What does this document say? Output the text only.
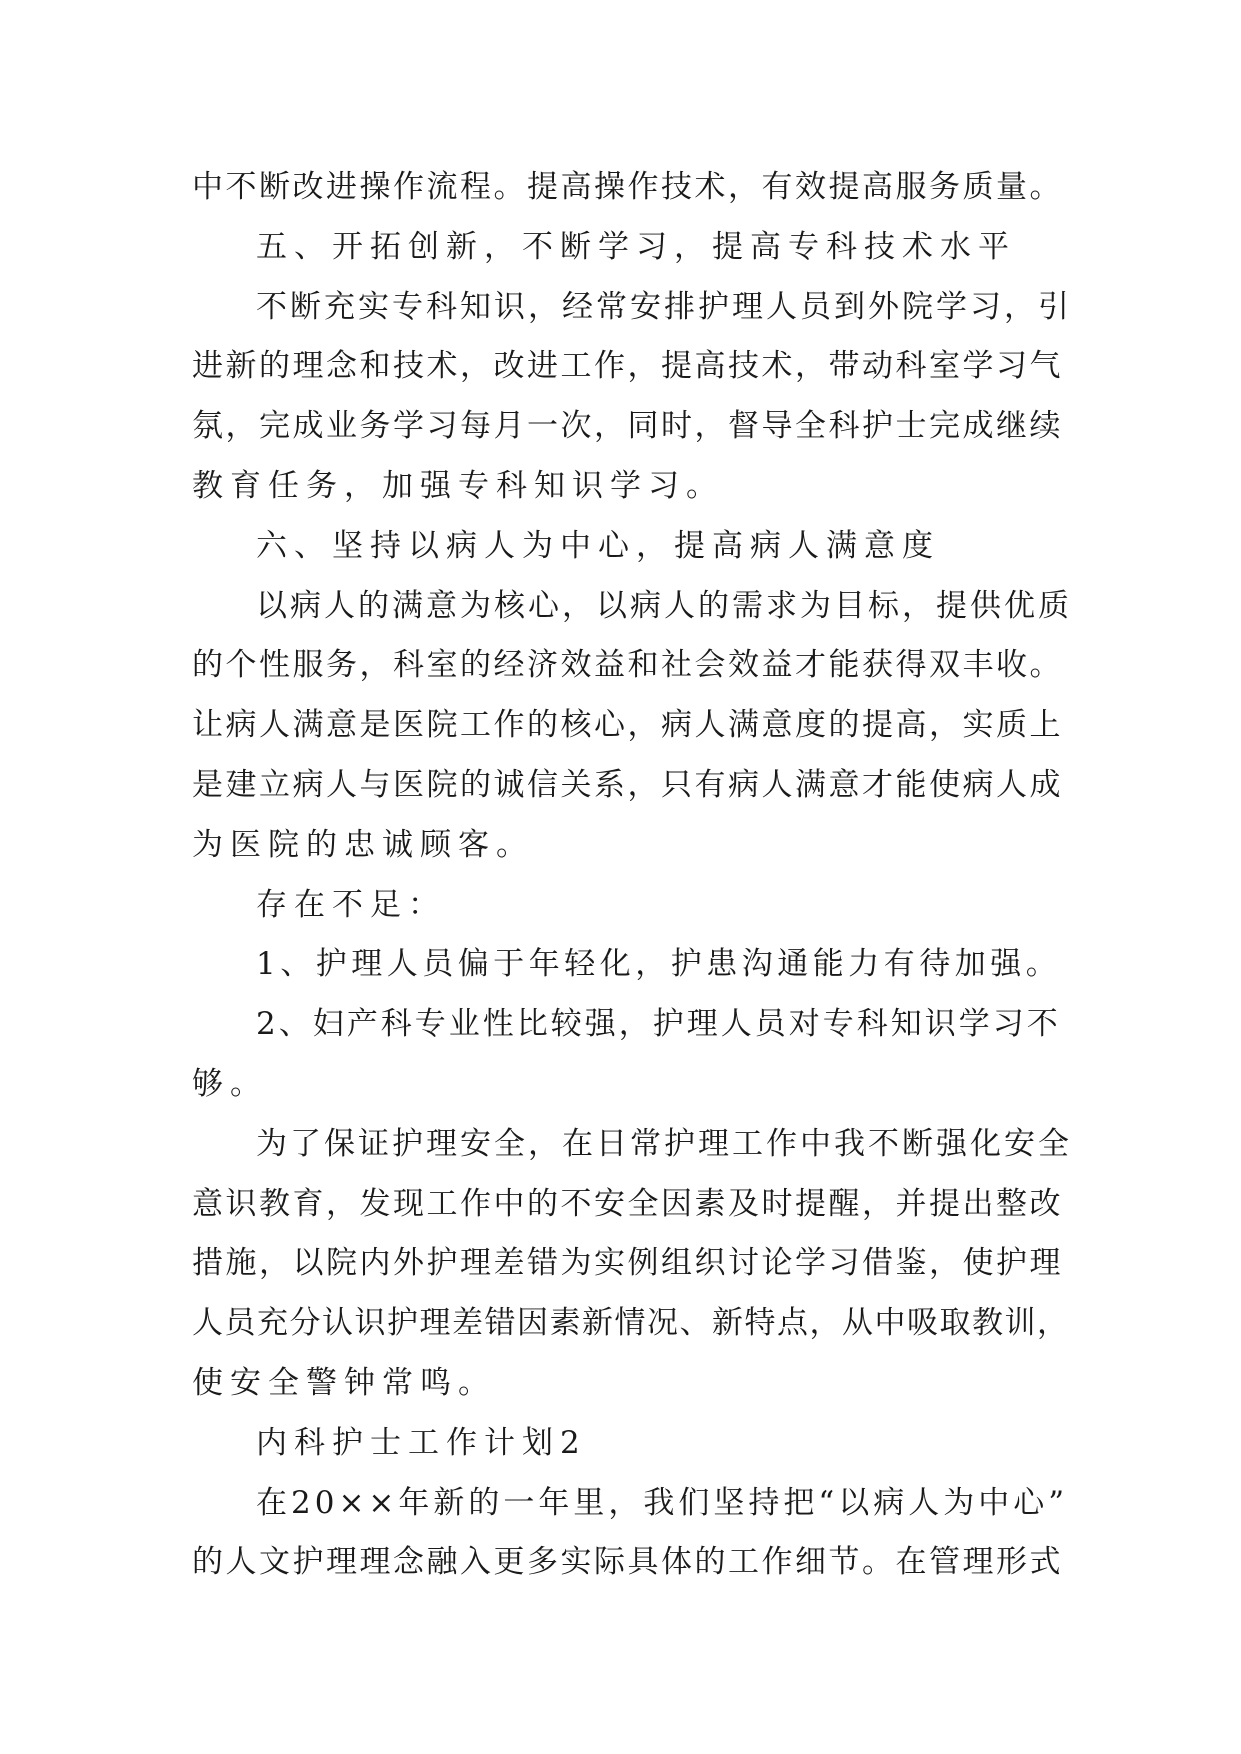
中不断改进操作流程。提高操作技术，有效提高服务质量。
五、开拓创新，不断学习，提高专科技术水平
不断充实专科知识，经常安排护理人员到外院学习，引
进新的理念和技术，改进工作，提高技术，带动科室学习气
氛，完成业务学习每月一次，同时，督导全科护士完成继续
教育任务，加强专科知识学习。
六、坚持以病人为中心，提高病人满意度
以病人的满意为核心，以病人的需求为目标，提供优质
的个性服务，科室的经济效益和社会效益才能获得双丰收。
让病人满意是医院工作的核心，病人满意度的提高，实质上
是建立病人与医院的诚信关系，只有病人满意才能使病人成
为医院的忠诚顾客。
存在不足：
1、护理人员偏于年轻化，护患沟通能力有待加强。
2、妇产科专业性比较强，护理人员对专科知识学习不
够。
为了保证护理安全，在日常护理工作中我不断强化安全
意识教育，发现工作中的不安全因素及时提醒，并提出整改
措施，以院内外护理差错为实例组织讨论学习借鉴，使护理
人员充分认识护理差错因素新情况、新特点，从中吸取教训，
使安全警钟常鸣。
内科护士工作计划2
在20××年新的一年里，我们坚持把“以病人为中心”
的人文护理理念融入更多实际具体的工作细节。在管理形式
